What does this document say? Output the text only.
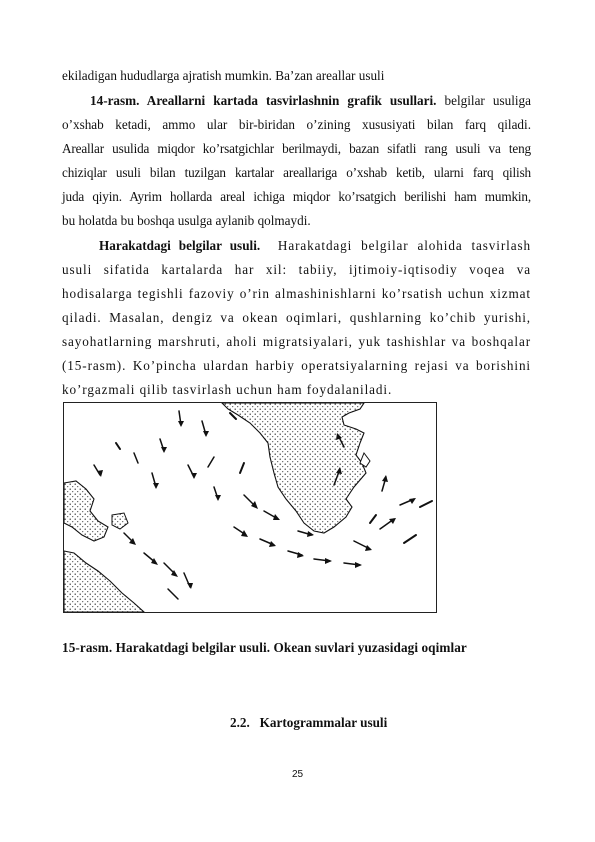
ekiladigan hududlarga ajratish mumkin. Ba’zan areallar usuli
14-rasm. Areallarni kartada tasvirlashnin grafik usullari. belgilar usuliga
o’xshab ketadi, ammo ular bir-biridan o’zining xususiyati bilan farq qiladi.
Areallar usulida miqdor ko’rsatgichlar berilmaydi, bazan sifatli rang usuli va teng
chiziqlar usuli bilan tuzilgan kartalar areallariga o’xshab ketib, ularni farq qilish
juda qiyin. Ayrim hollarda areal ichiga miqdor ko’rsatgich berilishi ham mumkin,
bu holatda bu boshqa usulga aylanib qolmaydi.
Harakatdagi belgilar usuli. Harakatdagi belgilar alohida tasvirlash
usuli sifatida kartalarda har xil: tabiiy, ijtimoiy-iqtisodiy voqea va
hodisalarga tegishli fazoviy o’rin almashinishlarni ko’rsatish uchun xizmat
qiladi. Masalan, dengiz va okean oqimlari, qushlarning ko’chib yurishi,
sayohatlarning marshruti, aholi migratsiyalari, yuk tashishlar va boshqalar
(15-rasm). Ko’pincha ulardan harbiy operatsiyalarning rejasi va borishini
ko’rgazmali qilib tasvirlash uchun ham foydalaniladi.
15-rasm. Harakatdagi belgilar usuli. Okean suvlari yuzasidagi oqimlar
2.2. Kartogrammalar usuli
25
